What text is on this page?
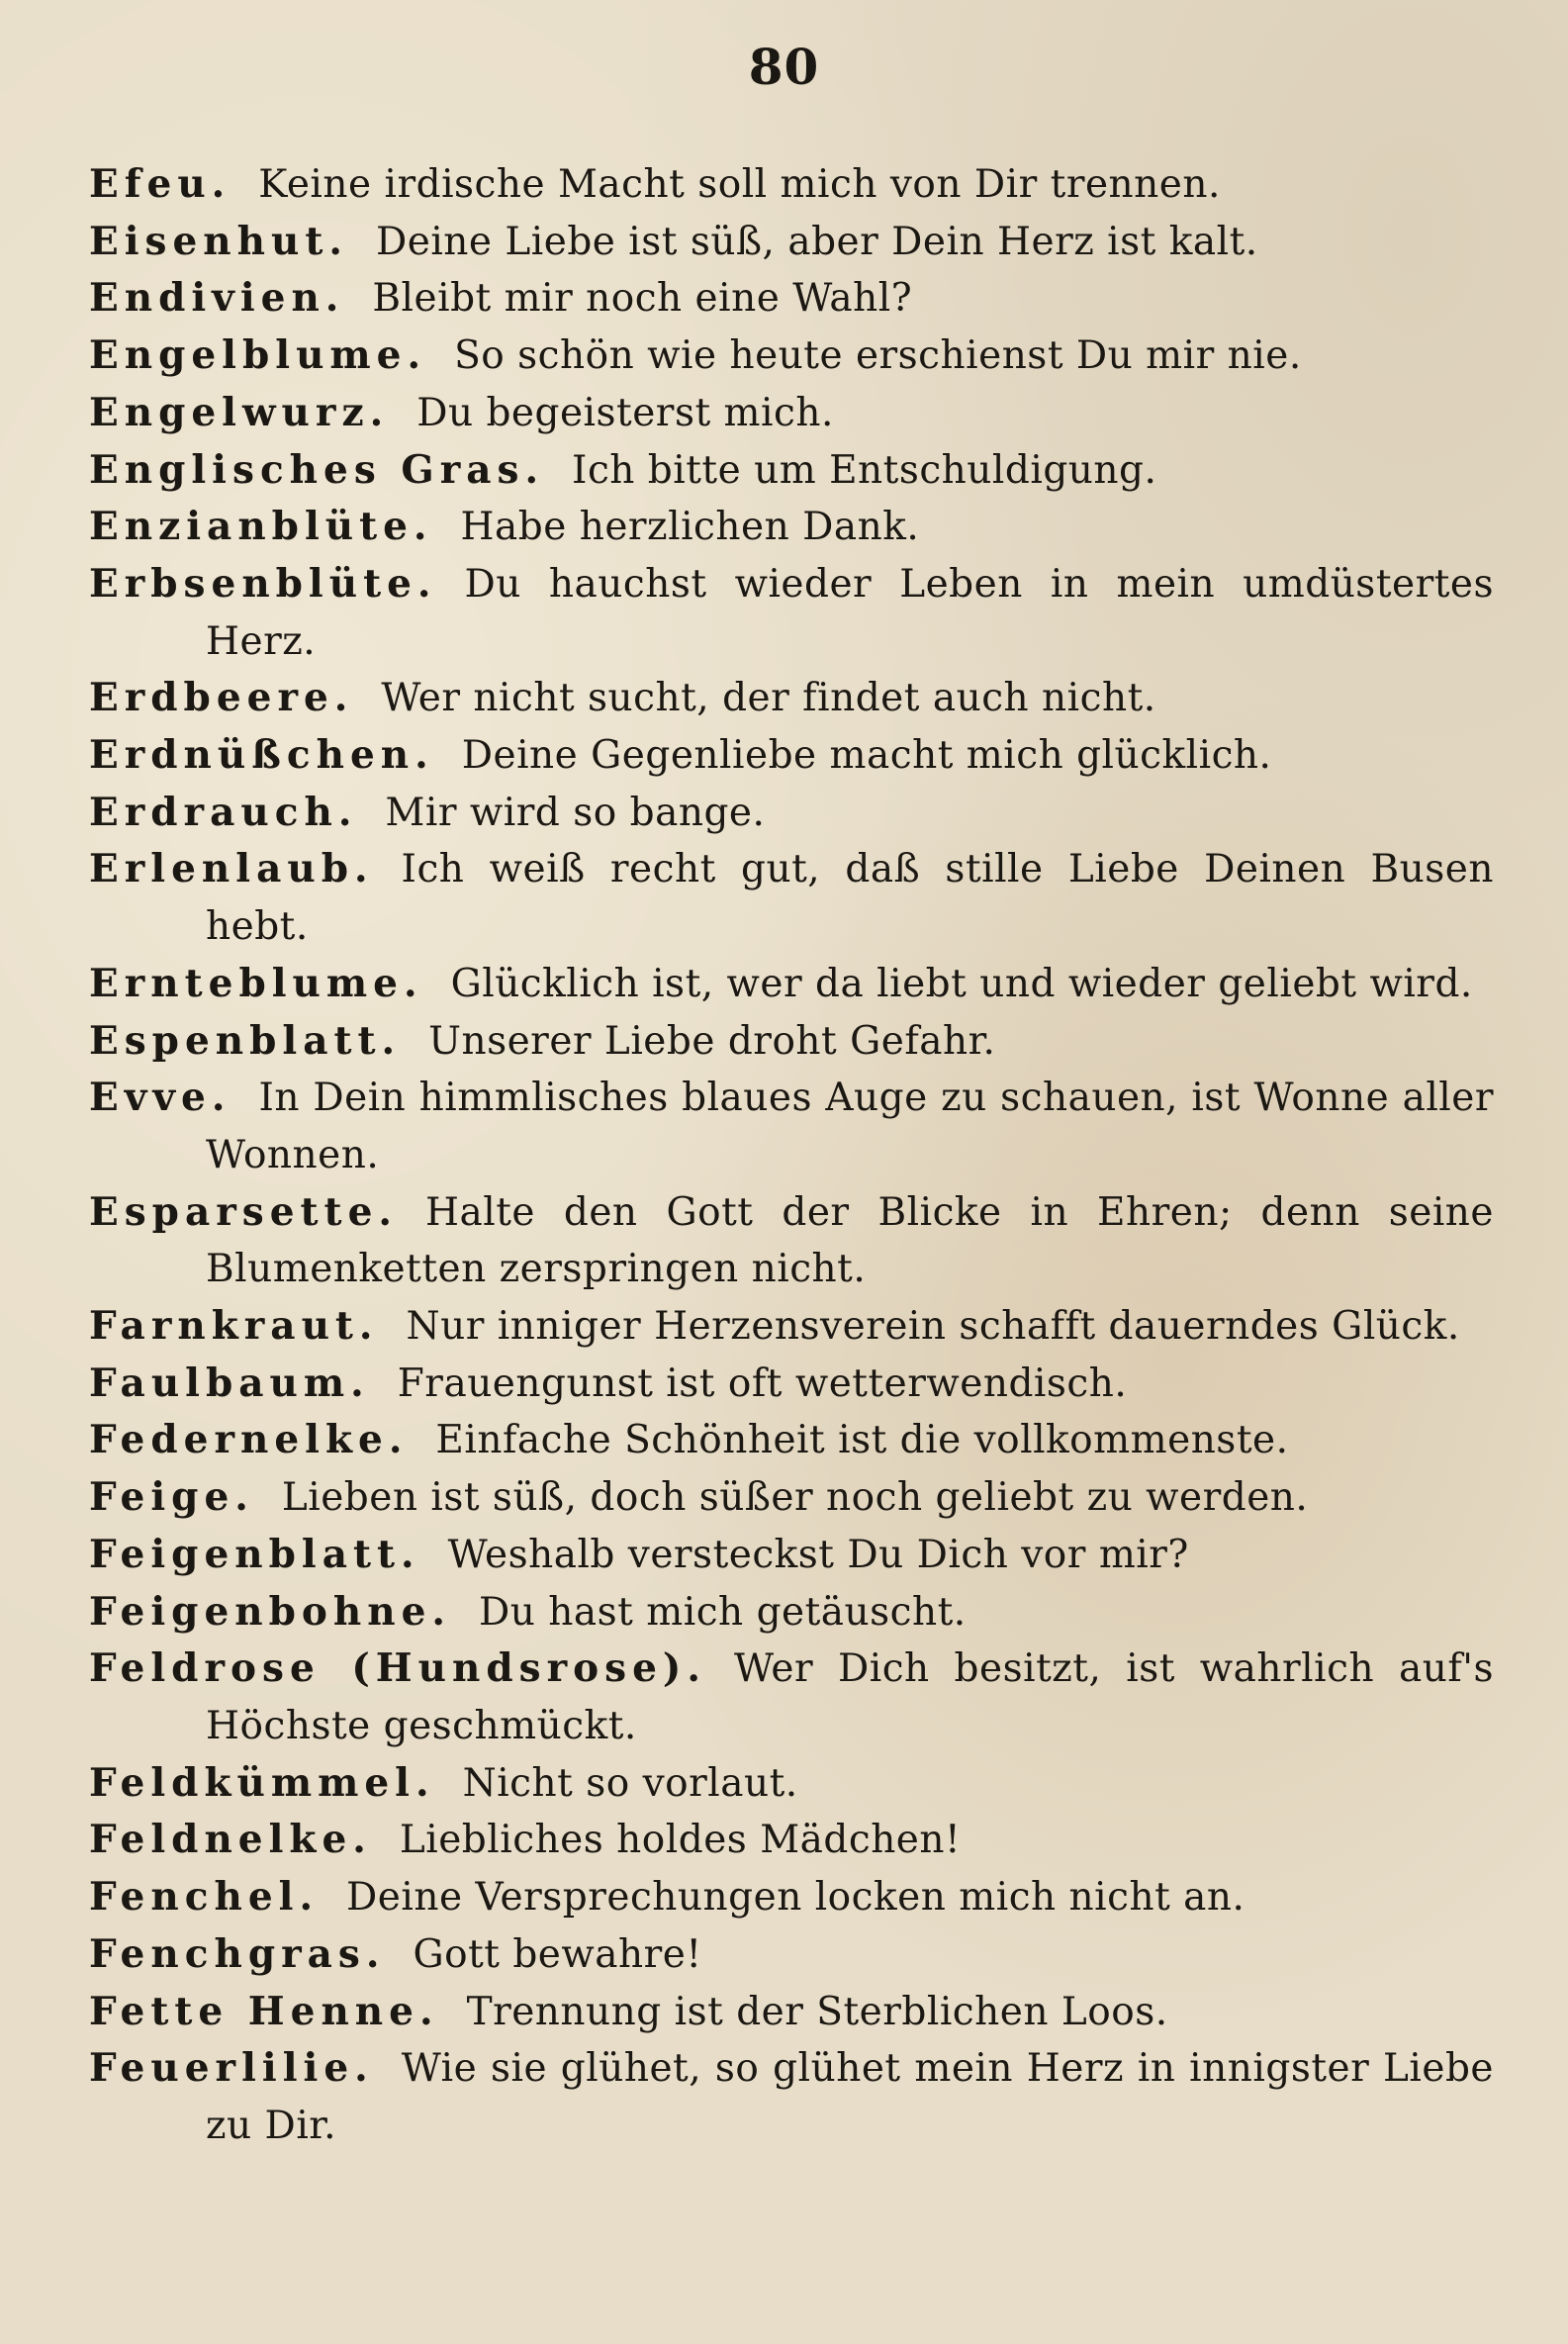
80
Efeu. Keine irdische Macht soll mich von Dir trennen.
Eisenhut. Deine Liebe ist süß, aber Dein Herz ist kalt.
Endivien. Bleibt mir noch eine Wahl?
Engelblume. So schön wie heute erschienst Du mir nie.
Engelwurz. Du begeisterst mich.
Englisches Gras. Ich bitte um Entschuldigung.
Enzianblüte. Habe herzlichen Dank.
Erbsenblüte. Du hauchst wieder Leben in mein umdüstertes Herz.
Erdbeere. Wer nicht sucht, der findet auch nicht.
Erdnüßchen. Deine Gegenliebe macht mich glücklich.
Erdrauch. Mir wird so bange.
Erlenlaub. Ich weiß recht gut, daß stille Liebe Deinen Busen hebt.
Ernteblume. Glücklich ist, wer da liebt und wieder geliebt wird.
Espenblatt. Unserer Liebe droht Gefahr.
Evve. In Dein himmlisches blaues Auge zu schauen, ist Wonne aller Wonnen.
Esparsette. Halte den Gott der Blicke in Ehren; denn seine Blumenketten zerspringen nicht.
Farnkraut. Nur inniger Herzensverein schafft dauerndes Glück.
Faulbaum. Frauengunst ist oft wetterwendisch.
Federnelke. Einfache Schönheit ist die vollkommenste.
Feige. Lieben ist süß, doch süßer noch geliebt zu werden.
Feigenblatt. Weshalb versteckst Du Dich vor mir?
Feigenbohne. Du hast mich getäuscht.
Feldrose (Hundsrose). Wer Dich besitzt, ist wahrlich auf's Höchste geschmückt.
Feldkümmel. Nicht so vorlaut.
Feldnelke. Liebliches holdes Mädchen!
Fenchel. Deine Versprechungen locken mich nicht an.
Fenchgras. Gott bewahre!
Fette Henne. Trennung ist der Sterblichen Loos.
Feuerlilie. Wie sie glühet, so glühet mein Herz in innigster Liebe zu Dir.
